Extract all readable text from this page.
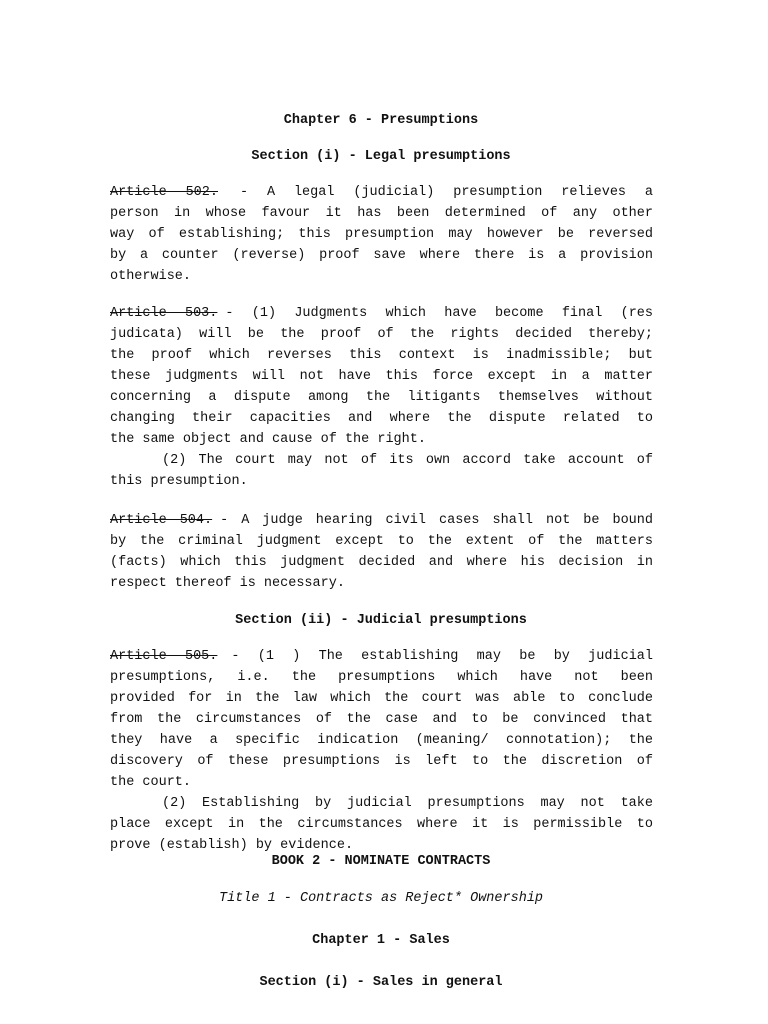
Chapter 6 - Presumptions
Section (i) - Legal presumptions
Article 502. - A legal (judicial) presumption relieves a
person in whose favour it has been determined of any other
way of establishing; this presumption may however be reversed
by a counter (reverse) proof save where there is a provision
otherwise.
Article 503. - (1) Judgments which have become final (res
judicata) will be the proof of the rights decided thereby;
the proof which reverses this context is inadmissible; but
these judgments will not have this force except in a matter
concerning a dispute among the litigants themselves without
changing their capacities and where the dispute related to
the same object and cause of the right.
(2) The court may not of its own accord take account of
this presumption.
Article 504. - A judge hearing civil cases shall not be bound
by the criminal judgment except to the extent of the matters
(facts) which this judgment decided and where his decision in
respect thereof is necessary.
Section (ii) - Judicial presumptions
Article 505. - (1 ) The establishing may be by judicial
presumptions, i.e. the presumptions which have not been
provided for in the law which the court was able to conclude
from the circumstances of the case and to be convinced that
they have a specific indication (meaning/ connotation); the
discovery of these presumptions is left to the discretion of
the court.
(2) Establishing by judicial presumptions may not take
place except in the circumstances where it is permissible to
prove (establish) by evidence.
BOOK 2 - NOMINATE CONTRACTS
Title 1 - Contracts as Reject* Ownership
Chapter 1 - Sales
Section (i) - Sales in general
